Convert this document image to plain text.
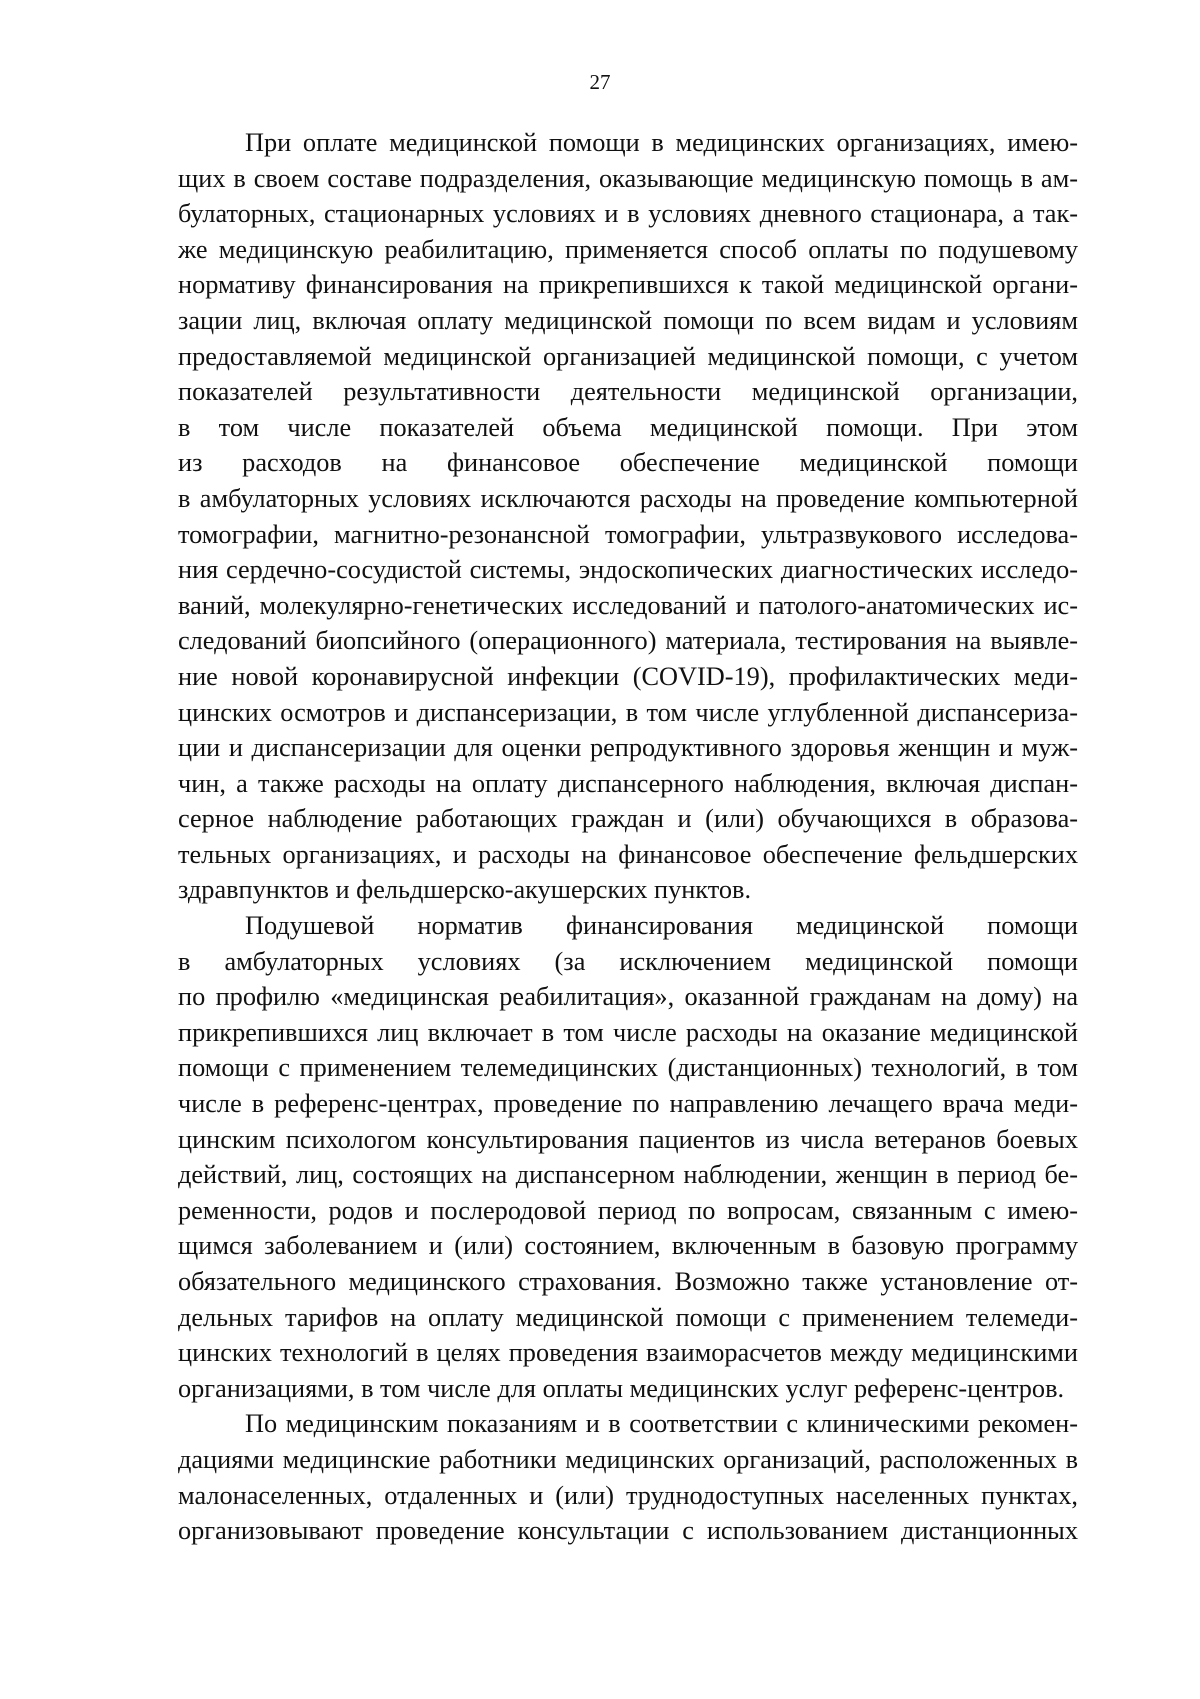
27
При оплате медицинской помощи в медицинских организациях, имею-
щих в своем составе подразделения, оказывающие медицинскую помощь в ам-
булаторных, стационарных условиях и в условиях дневного стационара, а так-
же медицинскую реабилитацию, применяется способ оплаты по подушевому
нормативу финансирования на прикрепившихся к такой медицинской органи-
зации лиц, включая оплату медицинской помощи по всем видам и условиям
предоставляемой медицинской организацией медицинской помощи, с учетом
показателей результативности деятельности медицинской организации,
в том числе показателей объема медицинской помощи. При этом
из расходов на финансовое обеспечение медицинской помощи
в амбулаторных условиях исключаются расходы на проведение компьютерной
томографии, магнитно-резонансной томографии, ультразвукового исследова-
ния сердечно-сосудистой системы, эндоскопических диагностических исследо-
ваний, молекулярно-генетических исследований и патолого-анатомических ис-
следований биопсийного (операционного) материала, тестирования на выявле-
ние новой коронавирусной инфекции (COVID-19), профилактических меди-
цинских осмотров и диспансеризации, в том числе углубленной диспансериза-
ции и диспансеризации для оценки репродуктивного здоровья женщин и муж-
чин, а также расходы на оплату диспансерного наблюдения, включая диспан-
серное наблюдение работающих граждан и (или) обучающихся в образова-
тельных организациях, и расходы на финансовое обеспечение фельдшерских
здравпунктов и фельдшерско-акушерских пунктов.
Подушевой норматив финансирования медицинской помощи
в амбулаторных условиях (за исключением медицинской помощи
по профилю «медицинская реабилитация», оказанной гражданам на дому) на
прикрепившихся лиц включает в том числе расходы на оказание медицинской
помощи с применением телемедицинских (дистанционных) технологий, в том
числе в референс-центрах, проведение по направлению лечащего врача меди-
цинским психологом консультирования пациентов из числа ветеранов боевых
действий, лиц, состоящих на диспансерном наблюдении, женщин в период бе-
ременности, родов и послеродовой период по вопросам, связанным с имею-
щимся заболеванием и (или) состоянием, включенным в базовую программу
обязательного медицинского страхования. Возможно также установление от-
дельных тарифов на оплату медицинской помощи с применением телемеди-
цинских технологий в целях проведения взаиморасчетов между медицинскими
организациями, в том числе для оплаты медицинских услуг референс-центров.
По медицинским показаниям и в соответствии с клиническими рекомен-
дациями медицинские работники медицинских организаций, расположенных в
малонаселенных, отдаленных и (или) труднодоступных населенных пунктах,
организовывают проведение консультации с использованием дистанционных
